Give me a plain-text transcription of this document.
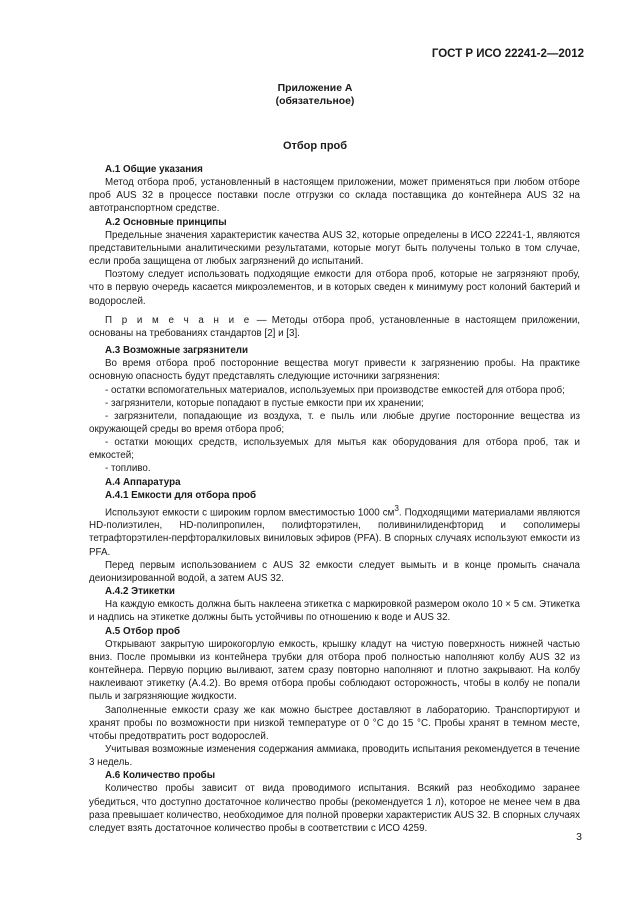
ГОСТ Р ИСО 22241-2—2012
Приложение А
(обязательное)
Отбор проб

А.1 Общие указания

Метод отбора проб, установленный в настоящем приложении, может применяться при любом отборе проб AUS 32 в процессе поставки после отгрузки со склада поставщика до контейнера AUS 32 на автотранспортном средстве.

А.2 Основные принципы

Предельные значения характеристик качества AUS 32, которые определены в ИСО 22241-1, являются представительными аналитическими результатами, которые могут быть получены только в том случае, если проба защищена от любых загрязнений до испытаний.

Поэтому следует использовать подходящие емкости для отбора проб, которые не загрязняют пробу, что в первую очередь касается микроэлементов, и в которых сведен к минимуму рост колоний бактерий и водорослей.

П р и м е ч а н и е — Методы отбора проб, установленные в настоящем приложении, основаны на требованиях стандартов [2] и [3].

А.3 Возможные загрязнители

Во время отбора проб посторонние вещества могут привести к загрязнению пробы. На практике основную опасность будут представлять следующие источники загрязнения:

- остатки вспомогательных материалов, используемых при производстве емкостей для отбора проб;

- загрязнители, которые попадают в пустые емкости при их хранении;

- загрязнители, попадающие из воздуха, т. е пыль или любые другие посторонние вещества из окружающей среды во время отбора проб;

- остатки моющих средств, используемых для мытья как оборудования для отбора проб, так и емкостей;

- топливо.

А.4 Аппаратура

А.4.1 Емкости для отбора проб

Используют емкости с широким горлом вместимостью 1000 $см^3$. Подходящими материалами являются HD-полиэтилен, HD-полипропилен, полифторэтилен, поливинилиденфторид и сополимеры тетрафторэтилен-перфторалкиловых виниловых эфиров (PFA). В спорных случаях используют емкости из PFA.

Перед первым использованием с AUS 32 емкости следует вымыть и в конце промыть сначала деионизированной водой, а затем AUS 32.

А.4.2 Этикетки

На каждую емкость должна быть наклеена этикетка с маркировкой размером около 10 × 5 см. Этикетка и надпись на этикетке должны быть устойчивы по отношению к воде и AUS 32.

А.5 Отбор проб

Открывают закрытую широкогорлую емкость, крышку кладут на чистую поверхность нижней частью вниз. После промывки из контейнера трубки для отбора проб полностью наполняют колбу AUS 32 из контейнера. Первую порцию выливают, затем сразу повторно наполняют и плотно закрывают. На колбу наклеивают этикетку (А.4.2). Во время отбора пробы соблюдают осторожность, чтобы в колбу не попали пыль и загрязняющие жидкости.

Заполненные емкости сразу же как можно быстрее доставляют в лабораторию. Транспортируют и хранят пробы по возможности при низкой температуре от 0 °С до 15 °С. Пробы хранят в темном месте, чтобы предотвратить рост водорослей.

Учитывая возможные изменения содержания аммиака, проводить испытания рекомендуется в течение 3 недель.

А.6 Количество пробы

Количество пробы зависит от вида проводимого испытания. Всякий раз необходимо заранее убедиться, что доступно достаточное количество пробы (рекомендуется 1 л), которое не менее чем в два раза превышает количество, необходимое для полной проверки характеристик AUS 32. В спорных случаях следует взять достаточное количество пробы в соответствии с ИСО 4259.

3
